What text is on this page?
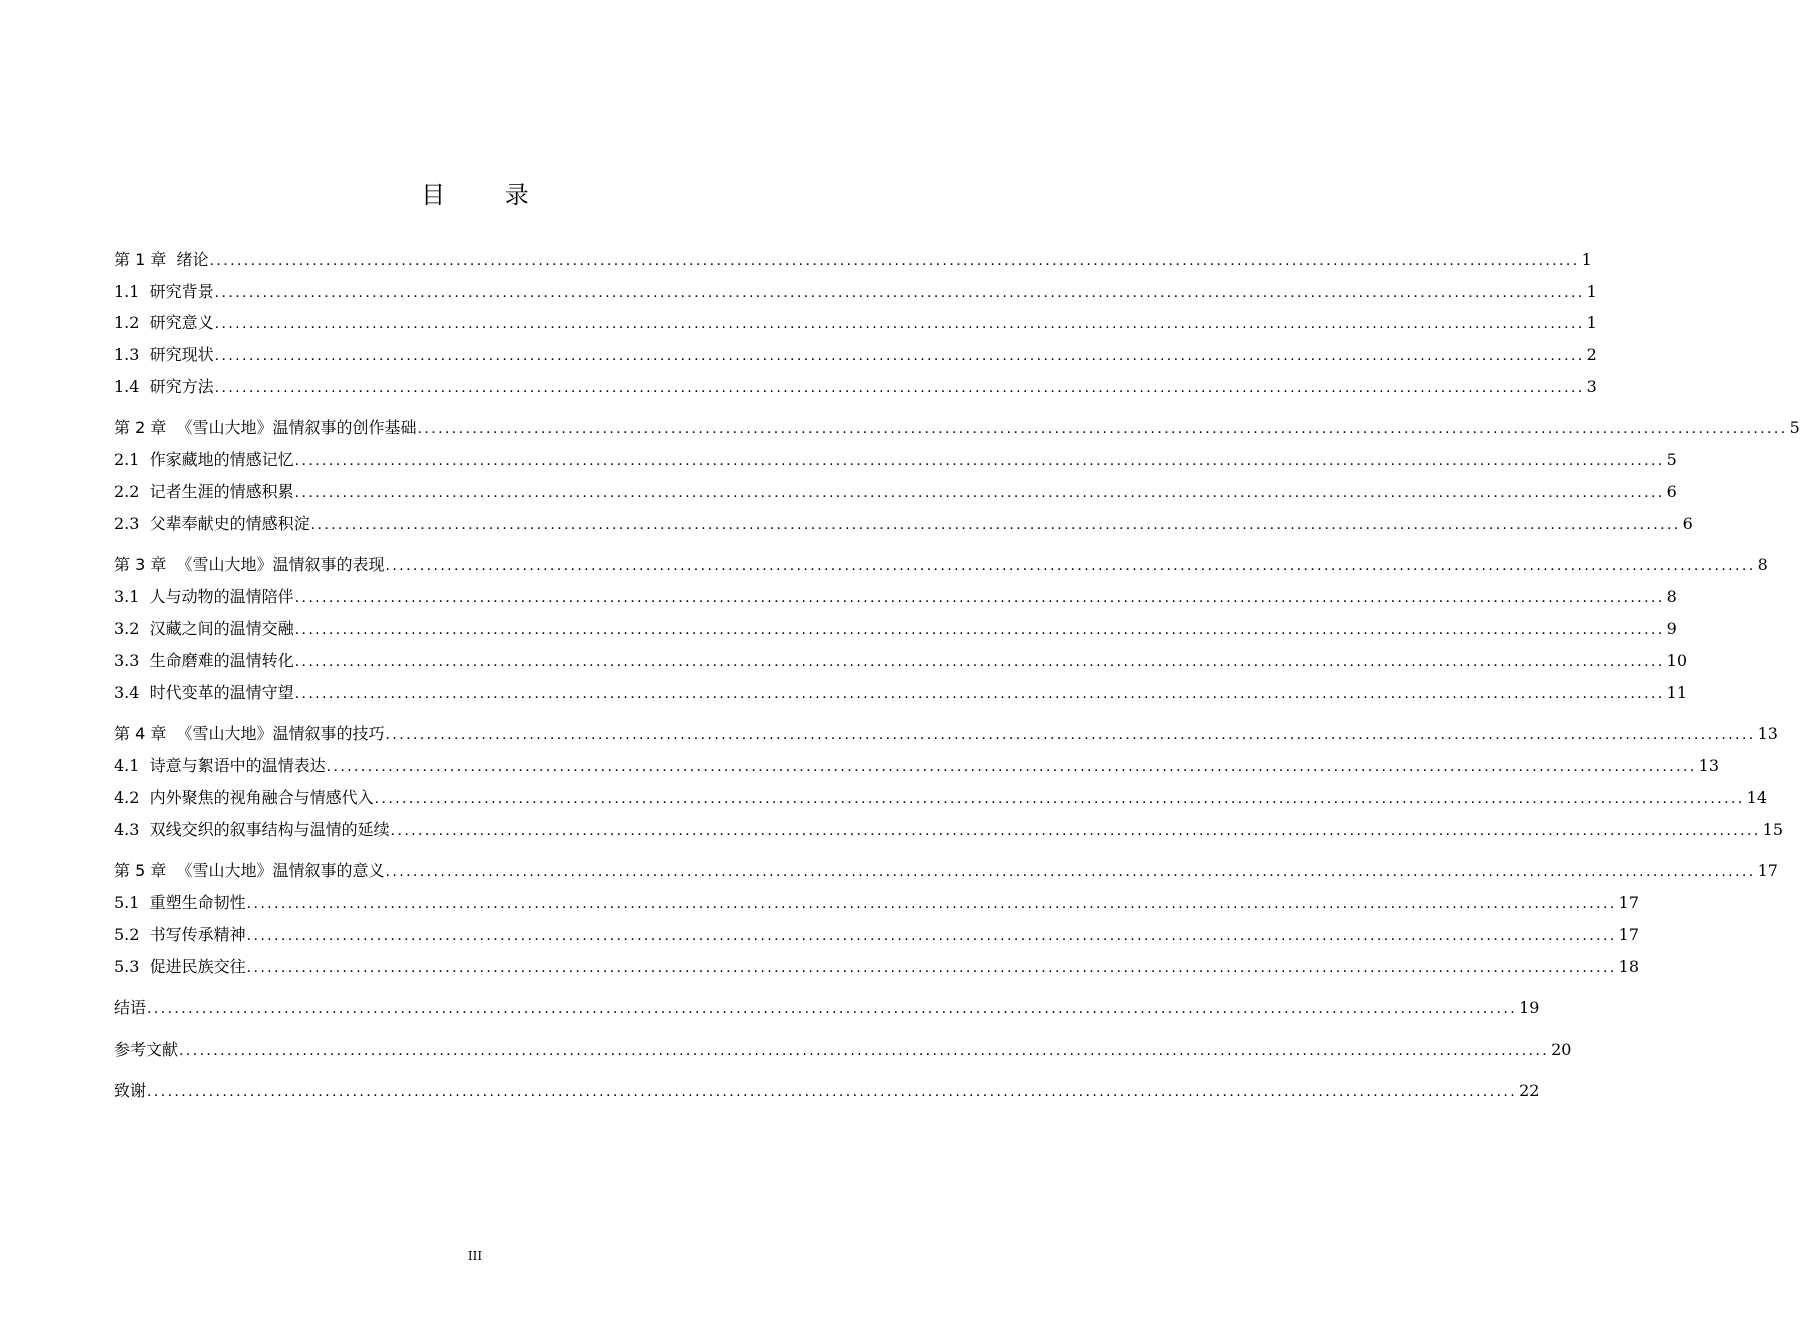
目 录
第 1 章  绪论 ........................................................................................................................................................................................................ 1
1.1  研究背景 ........................................................................................................................................................................................................ 1
1.2  研究意义 ........................................................................................................................................................................................................ 1
1.3  研究现状 ........................................................................................................................................................................................................ 2
1.4  研究方法 ........................................................................................................................................................................................................ 3
第 2 章  《雪山大地》温情叙事的创作基础 ........................................................................................................................................................................................................ 5
2.1  作家藏地的情感记忆 ........................................................................................................................................................................................................ 5
2.2  记者生涯的情感积累 ........................................................................................................................................................................................................ 6
2.3  父辈奉献史的情感积淀 ........................................................................................................................................................................................................ 6
第 3 章  《雪山大地》温情叙事的表现 ........................................................................................................................................................................................................ 8
3.1  人与动物的温情陪伴 ........................................................................................................................................................................................................ 8
3.2  汉藏之间的温情交融 ........................................................................................................................................................................................................ 9
3.3  生命磨难的温情转化 ........................................................................................................................................................................................................ 10
3.4  时代变革的温情守望 ........................................................................................................................................................................................................ 11
第 4 章  《雪山大地》温情叙事的技巧 ........................................................................................................................................................................................................ 13
4.1  诗意与絮语中的温情表达 ........................................................................................................................................................................................................ 13
4.2  内外聚焦的视角融合与情感代入 ........................................................................................................................................................................................................ 14
4.3  双线交织的叙事结构与温情的延续 ........................................................................................................................................................................................................ 15
第 5 章  《雪山大地》温情叙事的意义 ........................................................................................................................................................................................................ 17
5.1  重塑生命韧性 ........................................................................................................................................................................................................ 17
5.2  书写传承精神 ........................................................................................................................................................................................................ 17
5.3  促进民族交往 ........................................................................................................................................................................................................ 18
结语 ........................................................................................................................................................................................................ 19
参考文献 ........................................................................................................................................................................................................ 20
致谢 ........................................................................................................................................................................................................ 22
III
